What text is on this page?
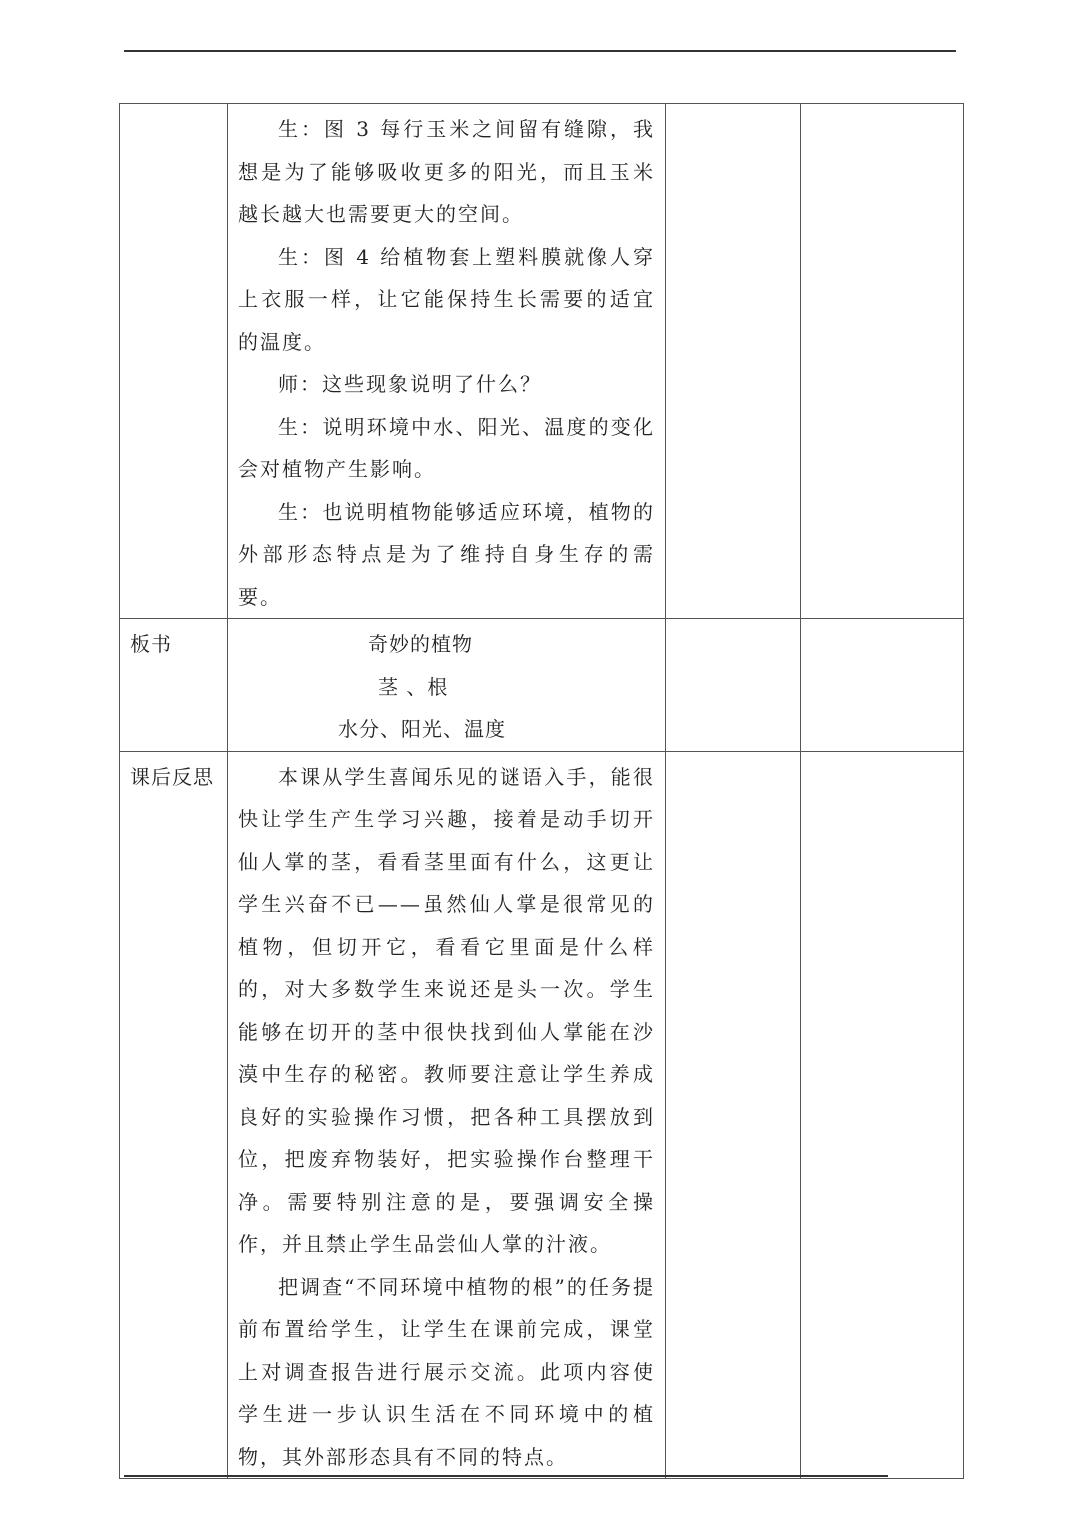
	生：图 3 每行玉米之间留有缝隙，我想是为了能够吸收更多的阳光，而且玉米越长越大也需要更大的空间。

生：图 4 给植物套上塑料膜就像人穿上衣服一样，让它能保持生长需要的适宜的温度。

师：这些现象说明了什么？

生：说明环境中水、阳光、温度的变化会对植物产生影响。

生：也说明植物能够适应环境，植物的外部形态特点是为了维持自身生存的需要。		

板书	奇妙的植物
茎 、根
水分、阳光、温度		

课后反思	本课从学生喜闻乐见的谜语入手，能很快让学生产生学习兴趣，接着是动手切开仙人掌的茎，看看茎里面有什么，这更让学生兴奋不已——虽然仙人掌是很常见的植物，但切开它，看看它里面是什么样的，对大多数学生来说还是头一次。学生能够在切开的茎中很快找到仙人掌能在沙漠中生存的秘密。教师要注意让学生养成良好的实验操作习惯，把各种工具摆放到位，把废弃物装好，把实验操作台整理干净。需要特别注意的是，要强调安全操作，并且禁止学生品尝仙人掌的汁液。

把调查“不同环境中植物的根”的任务提前布置给学生，让学生在课前完成，课堂上对调查报告进行展示交流。此项内容使学生进一步认识生活在不同环境中的植物，其外部形态具有不同的特点。		
